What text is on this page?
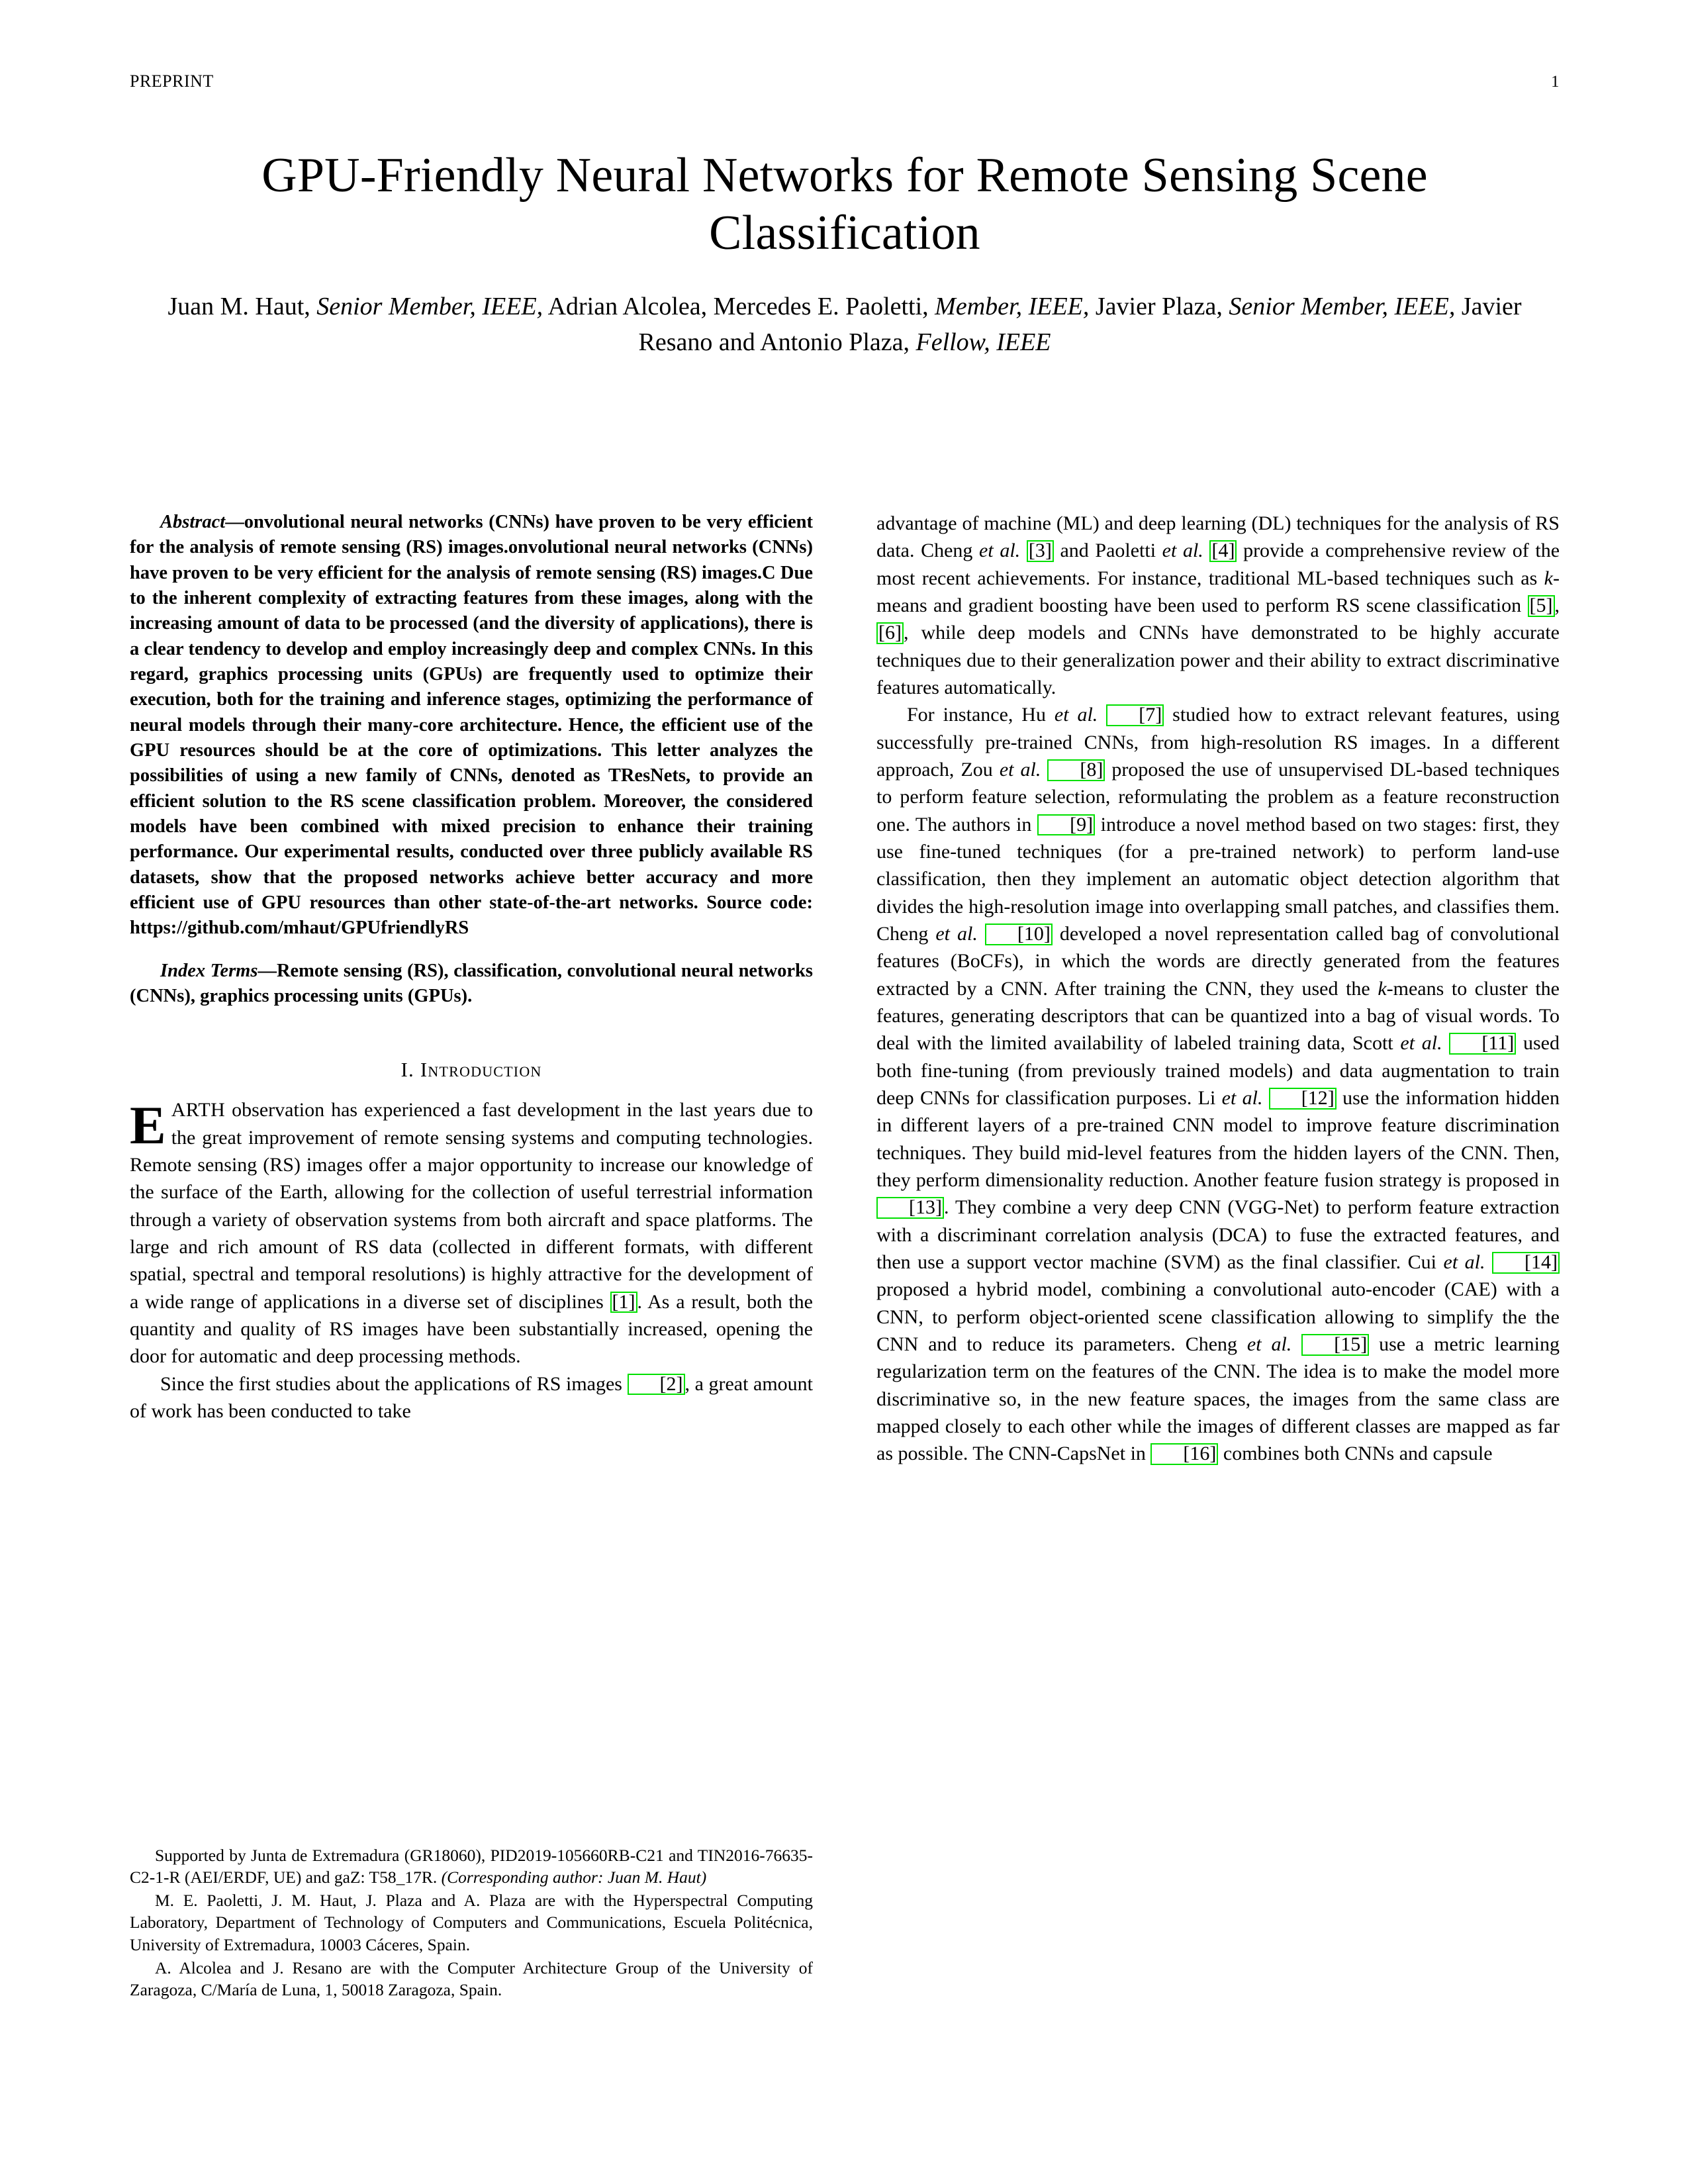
PREPRINT	1
GPU-Friendly Neural Networks for Remote Sensing Scene Classification
Juan M. Haut, Senior Member, IEEE, Adrian Alcolea, Mercedes E. Paoletti, Member, IEEE, Javier Plaza, Senior Member, IEEE, Javier Resano and Antonio Plaza, Fellow, IEEE

Abstract—onvolutional neural networks (CNNs) have proven to be very efficient for the analysis of remote sensing (RS) images.onvolutional neural networks (CNNs) have proven to be very efficient for the analysis of remote sensing (RS) images.C Due to the inherent complexity of extracting features from these images, along with the increasing amount of data to be processed (and the diversity of applications), there is a clear tendency to develop and employ increasingly deep and complex CNNs. In this regard, graphics processing units (GPUs) are frequently used to optimize their execution, both for the training and inference stages, optimizing the performance of neural models through their many-core architecture. Hence, the efficient use of the GPU resources should be at the core of optimizations. This letter analyzes the possibilities of using a new family of CNNs, denoted as TResNets, to provide an efficient solution to the RS scene classification problem. Moreover, the considered models have been combined with mixed precision to enhance their training performance. Our experimental results, conducted over three publicly available RS datasets, show that the proposed networks achieve better accuracy and more efficient use of GPU resources than other state-of-the-art networks. Source code: https://github.com/mhaut/GPUfriendlyRS

Index Terms—Remote sensing (RS), classification, convolutional neural networks (CNNs), graphics processing units (GPUs).

I. Introduction

EARTH observation has experienced a fast development in the last years due to the great improvement of remote sensing systems and computing technologies. Remote sensing (RS) images offer a major opportunity to increase our knowledge of the surface of the Earth, allowing for the collection of useful terrestrial information through a variety of observation systems from both aircraft and space platforms. The large and rich amount of RS data (collected in different formats, with different spatial, spectral and temporal resolutions) is highly attractive for the development of a wide range of applications in a diverse set of disciplines [1] . As a result, both the quantity and quality of RS images have been substantially increased, opening the door for automatic and deep processing methods.

Since the first studies about the applications of RS images [2] , a great amount of work has been conducted to take

advantage of machine (ML) and deep learning (DL) techniques for the analysis of RS data. Cheng et al. [3] and Paoletti et al. [4] provide a comprehensive review of the most recent achievements. For instance, traditional ML-based techniques such as k-means and gradient boosting have been used to perform RS scene classification [5] , [6] , while deep models and CNNs have demonstrated to be highly accurate techniques due to their generalization power and their ability to extract discriminative features automatically.

For instance, Hu et al. [7] studied how to extract relevant features, using successfully pre-trained CNNs, from high-resolution RS images. In a different approach, Zou et al. [8] proposed the use of unsupervised DL-based techniques to perform feature selection, reformulating the problem as a feature reconstruction one. The authors in [9] introduce a novel method based on two stages: first, they use fine-tuned techniques (for a pre-trained network) to perform land-use classification, then they implement an automatic object detection algorithm that divides the high-resolution image into overlapping small patches, and classifies them. Cheng et al. [10] developed a novel representation called bag of convolutional features (BoCFs), in which the words are directly generated from the features extracted by a CNN. After training the CNN, they used the k-means to cluster the features, generating descriptors that can be quantized into a bag of visual words. To deal with the limited availability of labeled training data, Scott et al. [11] used both fine-tuning (from previously trained models) and data augmentation to train deep CNNs for classification purposes. Li et al. [12] use the information hidden in different layers of a pre-trained CNN model to improve feature discrimination techniques. They build mid-level features from the hidden layers of the CNN. Then, they perform dimensionality reduction. Another feature fusion strategy is proposed in [13] . They combine a very deep CNN (VGG-Net) to perform feature extraction with a discriminant correlation analysis (DCA) to fuse the extracted features, and then use a support vector machine (SVM) as the final classifier. Cui et al. [14] proposed a hybrid model, combining a convolutional auto-encoder (CAE) with a CNN, to perform object-oriented scene classification allowing to simplify the the CNN and to reduce its parameters. Cheng et al. [15] use a metric learning regularization term on the features of the CNN. The idea is to make the model more discriminative so, in the new feature spaces, the images from the same class are mapped closely to each other while the images of different classes are mapped as far as possible. The CNN-CapsNet in [16] combines both CNNs and capsule

Supported by Junta de Extremadura (GR18060), PID2019-105660RB-C21 and TIN2016-76635-C2-1-R (AEI/ERDF, UE) and gaZ: T58_17R. (Corresponding author: Juan M. Haut)

M. E. Paoletti, J. M. Haut, J. Plaza and A. Plaza are with the Hyperspectral Computing Laboratory, Department of Technology of Computers and Communications, Escuela Politécnica, University of Extremadura, 10003 Cáceres, Spain.

A. Alcolea and J. Resano are with the Computer Architecture Group of the University of Zaragoza, C/María de Luna, 1, 50018 Zaragoza, Spain.
